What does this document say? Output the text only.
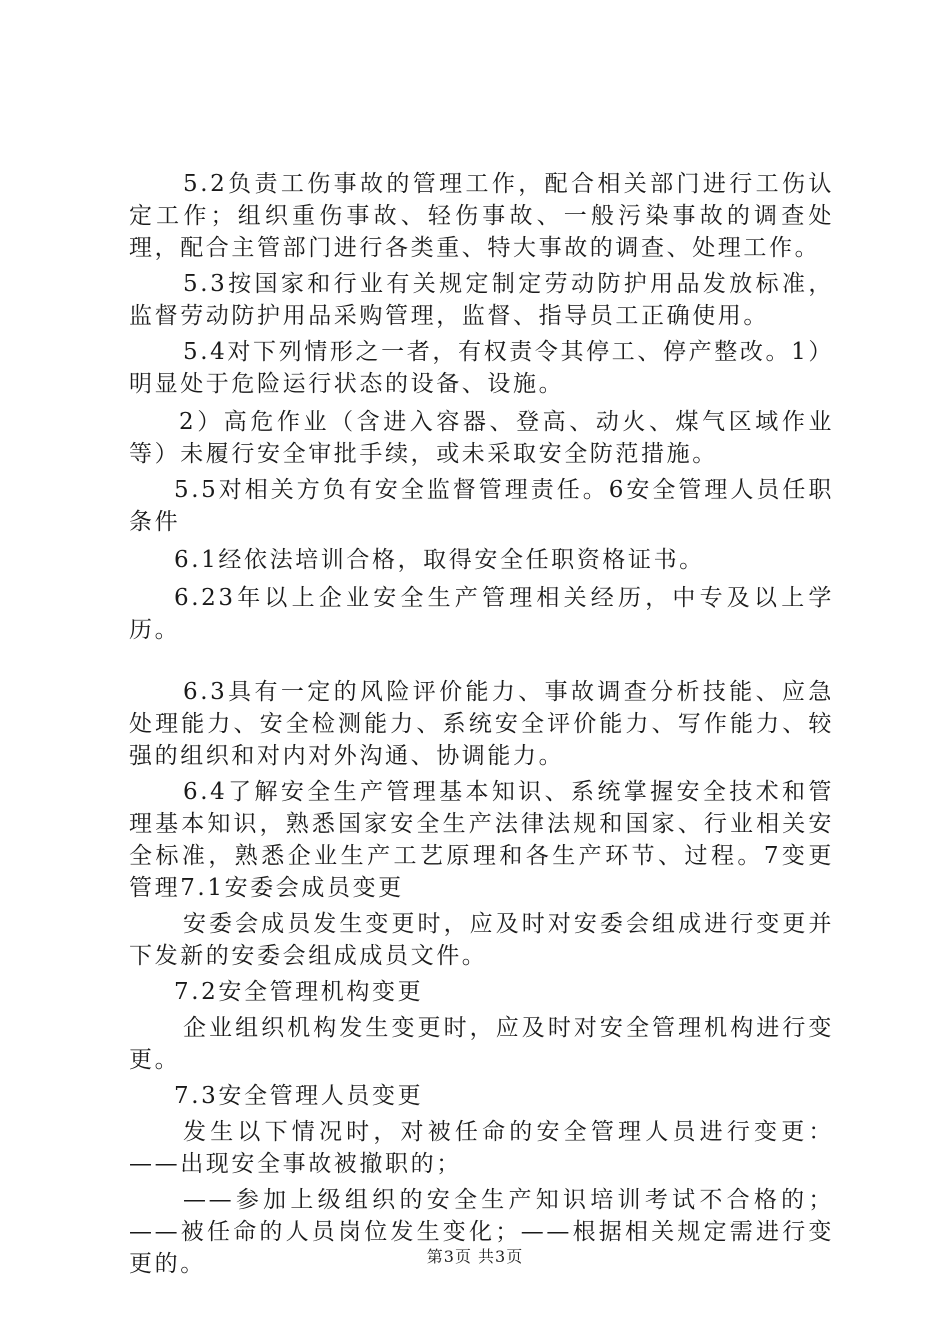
5.2负责工伤事故的管理工作，配合相关部门进行工伤认定工作；组织重伤事故、轻伤事故、一般污染事故的调查处理，配合主管部门进行各类重、特大事故的调查、处理工作。

5.3按国家和行业有关规定制定劳动防护用品发放标准，监督劳动防护用品采购管理，监督、指导员工正确使用。

5.4对下列情形之一者，有权责令其停工、停产整改。1）明显处于危险运行状态的设备、设施。

2）高危作业（含进入容器、登高、动火、煤气区域作业等）未履行安全审批手续，或未采取安全防范措施。

5.5对相关方负有安全监督管理责任。6安全管理人员任职条件

6.1经依法培训合格，取得安全任职资格证书。

6.23年以上企业安全生产管理相关经历，中专及以上学历。

6.3具有一定的风险评价能力、事故调查分析技能、应急处理能力、安全检测能力、系统安全评价能力、写作能力、较强的组织和对内对外沟通、协调能力。

6.4了解安全生产管理基本知识、系统掌握安全技术和管理基本知识，熟悉国家安全生产法律法规和国家、行业相关安全标准，熟悉企业生产工艺原理和各生产环节、过程。7变更管理7.1安委会成员变更

安委会成员发生变更时，应及时对安委会组成进行变更并下发新的安委会组成成员文件。

7.2安全管理机构变更

企业组织机构发生变更时，应及时对安全管理机构进行变更。

7.3安全管理人员变更

发生以下情况时，对被任命的安全管理人员进行变更：——出现安全事故被撤职的；

——参加上级组织的安全生产知识培训考试不合格的；——被任命的人员岗位发生变化；——根据相关规定需进行变更的。	第3页 共3页
